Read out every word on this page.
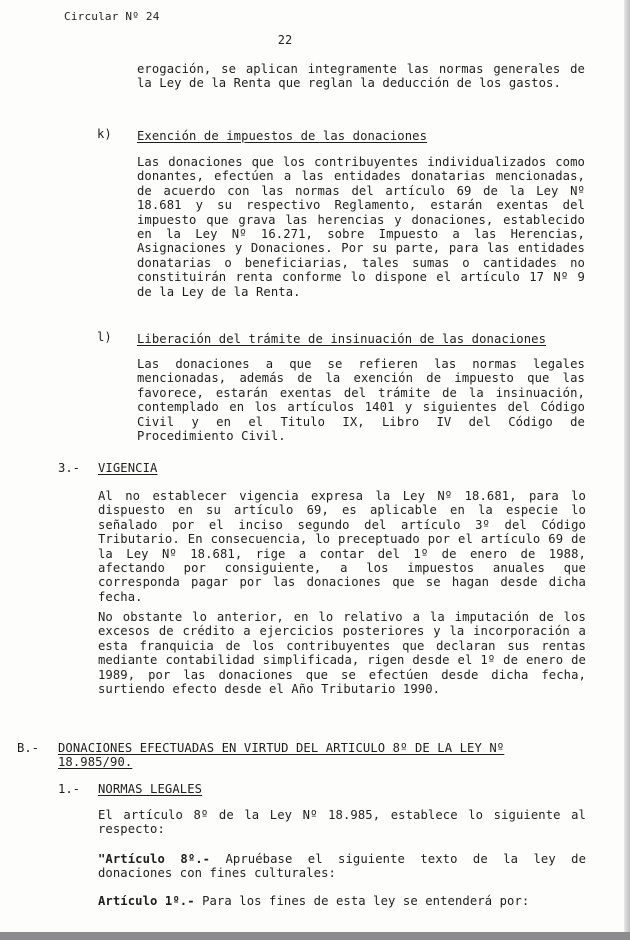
Circular Nº 24
22
erogación, se aplican integramente las normas generales de la Ley de la Renta que reglan la deducción de los gastos.
k) Exención de impuestos de las donaciones
Las donaciones que los contribuyentes individualizados como donantes, efectúen a las entidades donatarias mencionadas, de acuerdo con las normas del artículo 69 de la Ley Nº 18.681 y su respectivo Reglamento, estarán exentas del impuesto que grava las herencias y donaciones, establecido en la Ley Nº 16.271, sobre Impuesto a las Herencias, Asignaciones y Donaciones. Por su parte, para las entidades donatarias o beneficiarias, tales sumas o cantidades no constituirán renta conforme lo dispone el artículo 17 Nº 9 de la Ley de la Renta.
l) Liberación del trámite de insinuación de las donaciones
Las donaciones a que se refieren las normas legales mencionadas, además de la exención de impuesto que las favorece, estarán exentas del trámite de la insinuación, contemplado en los artículos 1401 y siguientes del Código Civil y en el Titulo IX, Libro IV del Código de Procedimiento Civil.
3.- VIGENCIA
Al no establecer vigencia expresa la Ley Nº 18.681, para lo dispuesto en su artículo 69, es aplicable en la especie lo señalado por el inciso segundo del artículo 3º del Código Tributario. En consecuencia, lo preceptuado por el artículo 69 de la Ley Nº 18.681, rige a contar del 1º de enero de 1988, afectando por consiguiente, a los impuestos anuales que corresponda pagar por las donaciones que se hagan desde dicha fecha.
No obstante lo anterior, en lo relativo a la imputación de los excesos de crédito a ejercicios posteriores y la incorporación a esta franquicia de los contribuyentes que declaran sus rentas mediante contabilidad simplificada, rigen desde el 1º de enero de 1989, por las donaciones que se efectúen desde dicha fecha, surtiendo efecto desde el Año Tributario 1990.
B.- DONACIONES EFECTUADAS EN VIRTUD DEL ARTICULO 8º DE LA LEY Nº 18.985/90.
1.- NORMAS LEGALES
El artículo 8º de la Ley Nº 18.985, establece lo siguiente al respecto:
"Artículo 8º.- Apruébase el siguiente texto de la ley de donaciones con fines culturales:
Artículo 1º.- Para los fines de esta ley se entenderá por:
